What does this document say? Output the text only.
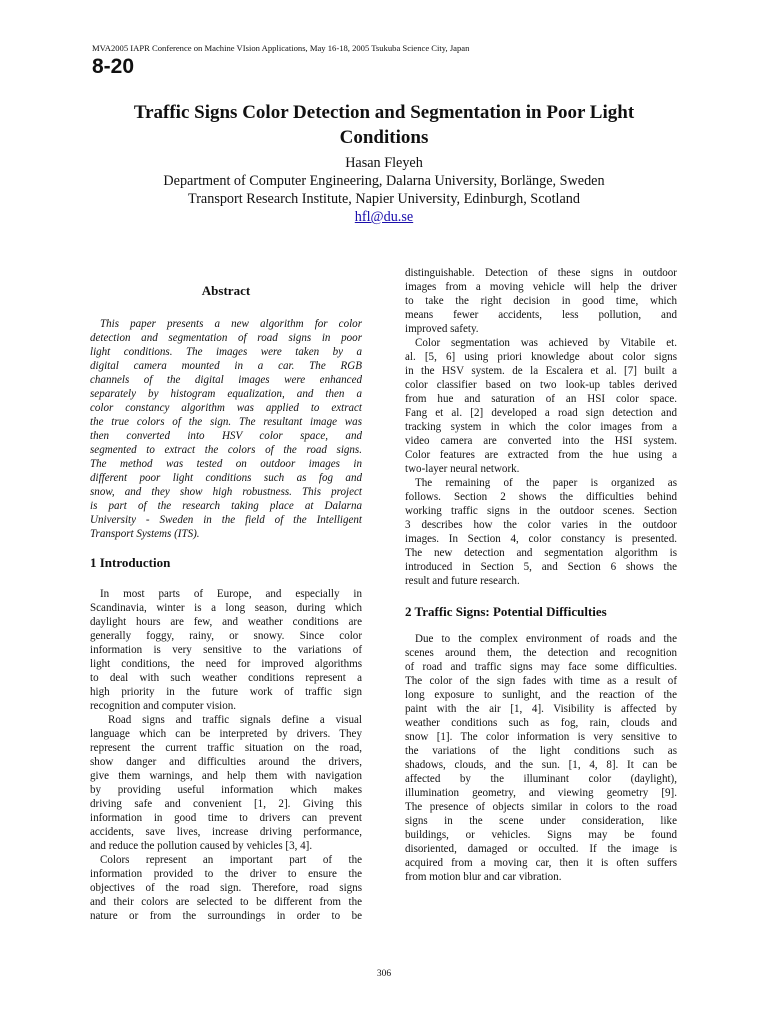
MVA2005 IAPR Conference on Machine VIsion Applications, May 16-18, 2005 Tsukuba Science City, Japan
8-20
Traffic Signs Color Detection and Segmentation in Poor Light
Conditions
Hasan Fleyeh
Department of Computer Engineering, Dalarna University, Borlänge, Sweden
Transport Research Institute, Napier University, Edinburgh, Scotland
hfl@du.se
Abstract

This paper presents a new algorithm for color

detection and segmentation of road signs in poor

light conditions. The images were taken by a

digital camera mounted in a car. The RGB

channels of the digital images were enhanced

separately by histogram equalization, and then a

color constancy algorithm was applied to extract

the true colors of the sign. The resultant image was

then converted into HSV color space, and

segmented to extract the colors of the road signs.

The method was tested on outdoor images in

different poor light conditions such as fog and

snow, and they show high robustness. This project

is part of the research taking place at Dalarna

University - Sweden in the field of the Intelligent

Transport Systems (ITS).

1 Introduction

In most parts of Europe, and especially in

Scandinavia, winter is a long season, during which

daylight hours are few, and weather conditions are

generally foggy, rainy, or snowy. Since color

information is very sensitive to the variations of

light conditions, the need for improved algorithms

to deal with such weather conditions represent a

high priority in the future work of traffic sign

recognition and computer vision.

Road signs and traffic signals define a visual

language which can be interpreted by drivers. They

represent the current traffic situation on the road,

show danger and difficulties around the drivers,

give them warnings, and help them with navigation

by providing useful information which makes

driving safe and convenient [1, 2]. Giving this

information in good time to drivers can prevent

accidents, save lives, increase driving performance,

and reduce the pollution caused by vehicles [3, 4].

Colors represent an important part of the

information provided to the driver to ensure the

objectives of the road sign. Therefore, road signs

and their colors are selected to be different from the

nature or from the surroundings in order to be

distinguishable. Detection of these signs in outdoor

images from a moving vehicle will help the driver

to take the right decision in good time, which

means fewer accidents, less pollution, and

improved safety.

Color segmentation was achieved by Vitabile et.

al. [5, 6] using priori knowledge about color signs

in the HSV system. de la Escalera et al. [7] built a

color classifier based on two look-up tables derived

from hue and saturation of an HSI color space.

Fang et al. [2] developed a road sign detection and

tracking system in which the color images from a

video camera are converted into the HSI system.

Color features are extracted from the hue using a

two-layer neural network.

The remaining of the paper is organized as

follows. Section 2 shows the difficulties behind

working traffic signs in the outdoor scenes. Section

3 describes how the color varies in the outdoor

images. In Section 4, color constancy is presented.

The new detection and segmentation algorithm is

introduced in Section 5, and Section 6 shows the

result and future research.

2 Traffic Signs: Potential Difficulties

Due to the complex environment of roads and the

scenes around them, the detection and recognition

of road and traffic signs may face some difficulties.

The color of the sign fades with time as a result of

long exposure to sunlight, and the reaction of the

paint with the air [1, 4]. Visibility is affected by

weather conditions such as fog, rain, clouds and

snow [1]. The color information is very sensitive to

the variations of the light conditions such as

shadows, clouds, and the sun. [1, 4, 8]. It can be

affected by the illuminant color (daylight),

illumination geometry, and viewing geometry [9].

The presence of objects similar in colors to the road

signs in the scene under consideration, like

buildings, or vehicles. Signs may be found

disoriented, damaged or occulted. If the image is

acquired from a moving car, then it is often suffers

from motion blur and car vibration.

306
